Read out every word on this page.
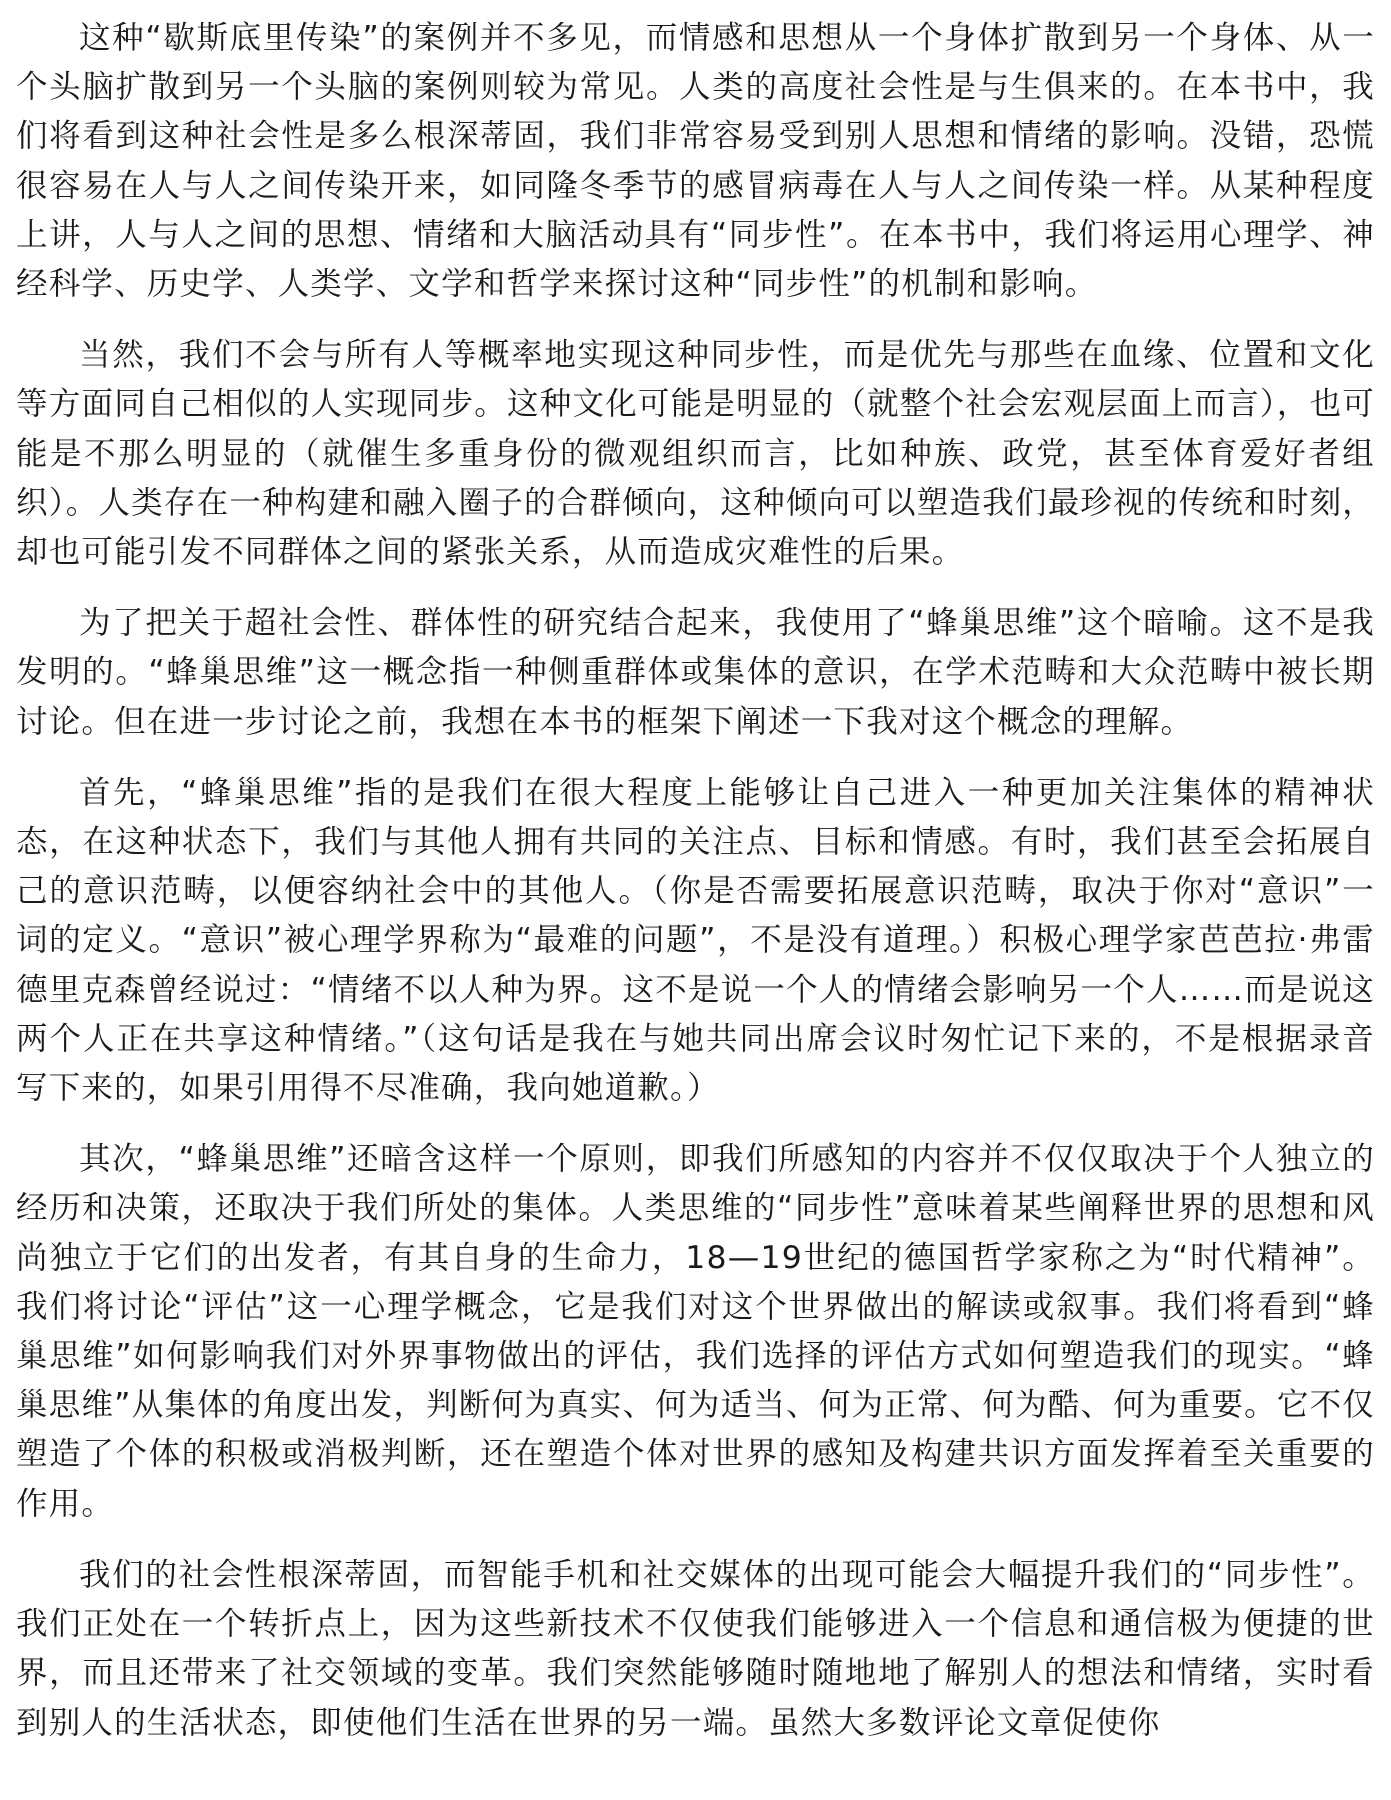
这种“歇斯底里传染”的案例并不多见，而情感和思想从一个身体扩散到另一个身体、从一个头脑扩散到另一个头脑的案例则较为常见。人类的高度社会性是与生俱来的。在本书中，我们将看到这种社会性是多么根深蒂固，我们非常容易受到别人思想和情绪的影响。没错，恐慌很容易在人与人之间传染开来，如同隆冬季节的感冒病毒在人与人之间传染一样。从某种程度上讲，人与人之间的思想、情绪和大脑活动具有“同步性”。在本书中，我们将运用心理学、神经科学、历史学、人类学、文学和哲学来探讨这种“同步性”的机制和影响。

当然，我们不会与所有人等概率地实现这种同步性，而是优先与那些在血缘、位置和文化等方面同自己相似的人实现同步。这种文化可能是明显的（就整个社会宏观层面上而言），也可能是不那么明显的（就催生多重身份的微观组织而言，比如种族、政党，甚至体育爱好者组织）。人类存在一种构建和融入圈子的合群倾向，这种倾向可以塑造我们最珍视的传统和时刻，却也可能引发不同群体之间的紧张关系，从而造成灾难性的后果。

为了把关于超社会性、群体性的研究结合起来，我使用了“蜂巢思维”这个暗喻。这不是我发明的。“蜂巢思维”这一概念指一种侧重群体或集体的意识，在学术范畴和大众范畴中被长期讨论。但在进一步讨论之前，我想在本书的框架下阐述一下我对这个概念的理解。

首先，“蜂巢思维”指的是我们在很大程度上能够让自己进入一种更加关注集体的精神状态，在这种状态下，我们与其他人拥有共同的关注点、目标和情感。有时，我们甚至会拓展自己的意识范畴，以便容纳社会中的其他人。（你是否需要拓展意识范畴，取决于你对“意识”一词的定义。“意识”被心理学界称为“最难的问题”，不是没有道理。）积极心理学家芭芭拉·弗雷德里克森曾经说过：“情绪不以人种为界。这不是说一个人的情绪会影响另一个人……而是说这两个人正在共享这种情绪。”（这句话是我在与她共同出席会议时匆忙记下来的，不是根据录音写下来的，如果引用得不尽准确，我向她道歉。）

其次，“蜂巢思维”还暗含这样一个原则，即我们所感知的内容并不仅仅取决于个人独立的经历和决策，还取决于我们所处的集体。人类思维的“同步性”意味着某些阐释世界的思想和风尚独立于它们的出发者，有其自身的生命力，18—19世纪的德国哲学家称之为“时代精神”。我们将讨论“评估”这一心理学概念，它是我们对这个世界做出的解读或叙事。我们将看到“蜂巢思维”如何影响我们对外界事物做出的评估，我们选择的评估方式如何塑造我们的现实。“蜂巢思维”从集体的角度出发，判断何为真实、何为适当、何为正常、何为酷、何为重要。它不仅塑造了个体的积极或消极判断，还在塑造个体对世界的感知及构建共识方面发挥着至关重要的作用。

我们的社会性根深蒂固，而智能手机和社交媒体的出现可能会大幅提升我们的“同步性”。我们正处在一个转折点上，因为这些新技术不仅使我们能够进入一个信息和通信极为便捷的世界，而且还带来了社交领域的变革。我们突然能够随时随地地了解别人的想法和情绪，实时看到别人的生活状态，即使他们生活在世界的另一端。虽然大多数评论文章促使你
